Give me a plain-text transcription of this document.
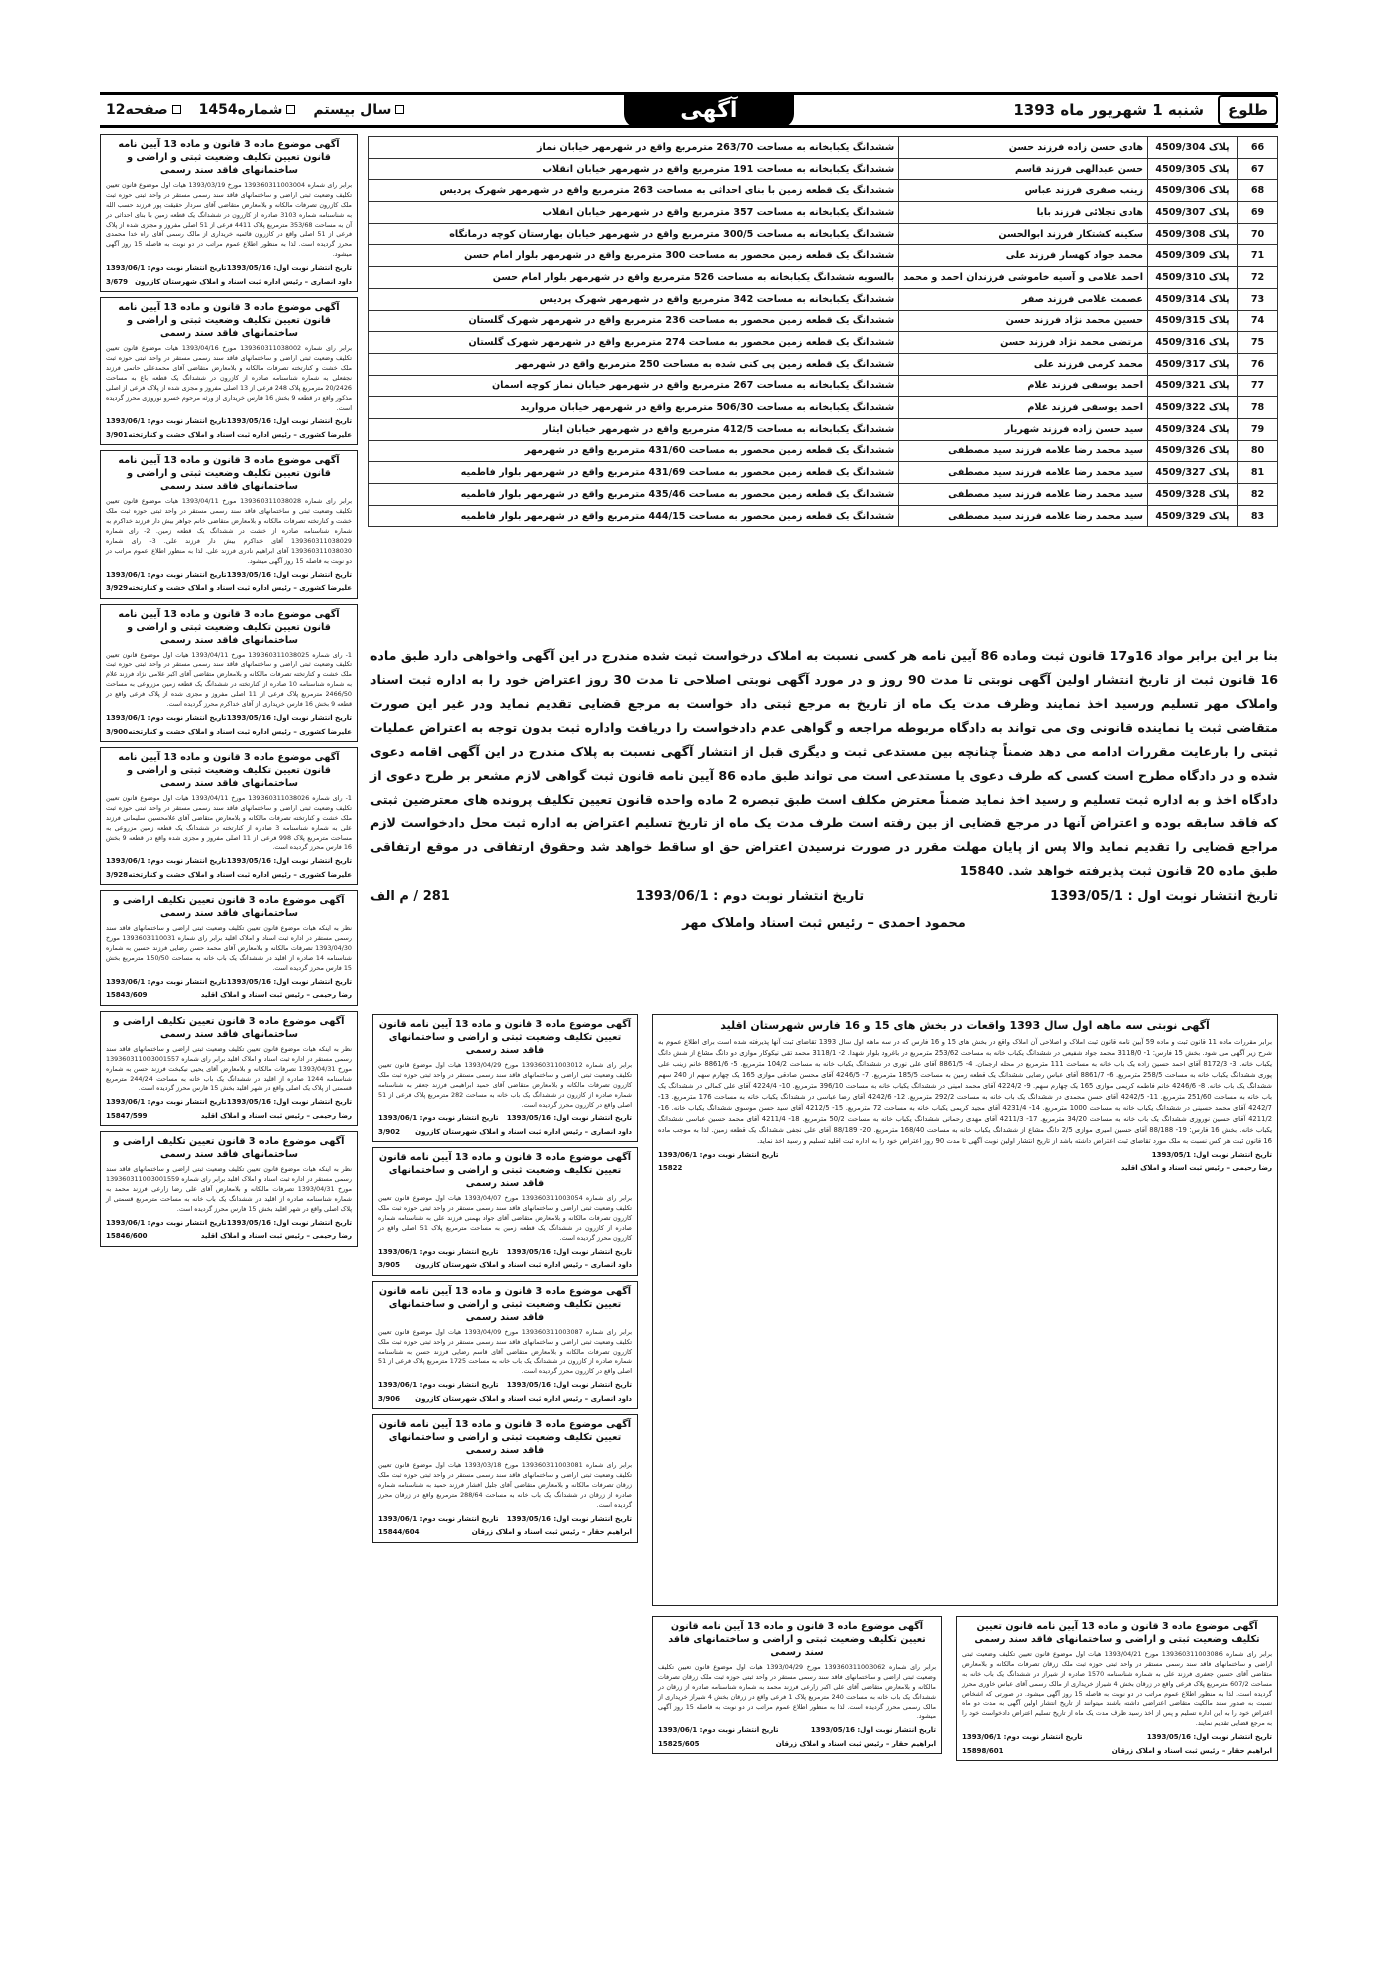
طلوع
شنبه 1 شهریور ماه 1393
آگهی
سال بیستم
شماره1454
صفحه12
66	پلاک 4509/304	هادی حسن زاده فرزند حسن	ششدانگ یکبابخانه به مساحت 263/70 مترمربع واقع در شهرمهر خیابان نماز
67	پلاک 4509/305	حسن عبدالهی فرزند قاسم	ششدانگ یکبابخانه به مساحت 191 مترمربع واقع در شهرمهر خیابان انقلاب
68	پلاک 4509/306	زینب صفری فرزند عباس	ششدانگ یک قطعه زمین با بنای احداثی به مساحت 263 مترمربع واقع در شهرمهر شهرک پردیس
69	پلاک 4509/307	هادی تجلائی فرزند بابا	ششدانگ یکبابخانه به مساحت 357 مترمربع واقع در شهرمهر خیابان انقلاب
70	پلاک 4509/308	سکینه کشتکار فرزند ابوالحسن	ششدانگ یکبابخانه به مساحت 300/5 مترمربع واقع در شهرمهر خیابان بهارستان کوچه درمانگاه
71	پلاک 4509/309	محمد جواد کهسار فرزند علی	ششدانگ یک قطعه زمین محصور به مساحت 300 مترمربع واقع در شهرمهر بلوار امام حسن
72	پلاک 4509/310	احمد غلامی و آسیه خاموشی فرزندان احمد و محمد	بالسویه ششدانگ یکبابخانه به مساحت 526 مترمربع واقع در شهرمهر بلوار امام حسن
73	پلاک 4509/314	عصمت غلامی فرزند صفر	ششدانگ یکبابخانه به مساحت 342 مترمربع واقع در شهرمهر شهرک پردیس
74	پلاک 4509/315	حسین محمد نژاد فرزند حسن	ششدانگ یک قطعه زمین محصور به مساحت 236 مترمربع واقع در شهرمهر شهرک گلستان
75	پلاک 4509/316	مرتضی محمد نژاد فرزند حسن	ششدانگ یک قطعه زمین محصور به مساحت 274 مترمربع واقع در شهرمهر شهرک گلستان
76	پلاک 4509/317	محمد کرمی فرزند علی	ششدانگ یک قطعه زمین پی کنی شده به مساحت 250 مترمربع واقع در شهرمهر
77	پلاک 4509/321	احمد یوسفی فرزند غلام	ششدانگ یکبابخانه به مساحت 267 مترمربع واقع در شهرمهر خیابان نماز کوچه اسمان
78	پلاک 4509/322	احمد یوسفی فرزند غلام	ششدانگ یکبابخانه به مساحت 506/30 مترمربع واقع در شهرمهر خیابان مروارید
79	پلاک 4509/324	سید حسن زاده فرزند شهریار	ششدانگ یکبابخانه به مساحت 412/5 مترمربع واقع در شهرمهر خیابان ایثار
80	پلاک 4509/326	سید محمد رضا علامه فرزند سید مصطفی	ششدانگ یک قطعه زمین محصور به مساحت 431/60 مترمربع واقع در شهرمهر
81	پلاک 4509/327	سید محمد رضا علامه فرزند سید مصطفی	ششدانگ یک قطعه زمین محصور به مساحت 431/69 مترمربع واقع در شهرمهر بلوار فاطمیه
82	پلاک 4509/328	سید محمد رضا علامه فرزند سید مصطفی	ششدانگ یک قطعه زمین محصور به مساحت 435/46 مترمربع واقع در شهرمهر بلوار فاطمیه
83	پلاک 4509/329	سید محمد رضا علامه فرزند سید مصطفی	ششدانگ یک قطعه زمین محصور به مساحت 444/15 مترمربع واقع در شهرمهر بلوار فاطمیه

بنا بر این برابر مواد 16و17 قانون ثبت وماده 86 آیین نامه هر کسی نسبت به املاک درخواست ثبت شده مندرج در این آگهی واخواهی دارد طبق ماده 16 قانون ثبت از تاریخ انتشار اولین آگهی نوبتی تا مدت 90 روز و در مورد آگهی نوبتی اصلاحی تا مدت 30 روز اعتراض خود را به اداره ثبت اسناد واملاک مهر تسلیم ورسید اخذ نمایند وظرف مدت یک ماه از تاریخ به مرجع ثبتی داد خواست به مرجع قضایی تقدیم نماید ودر غیر این صورت متقاضی ثبت یا نماینده قانونی وی می تواند به دادگاه مربوطه مراجعه و گواهی عدم دادخواست را دریافت واداره ثبت بدون توجه به اعتراض عملیات ثبتی را بارعایت مقررات ادامه می دهد ضمناً چنانچه بین مستدعی ثبت و دیگری قبل از انتشار آگهی نسبت به پلاک مندرج در این آگهی اقامه دعوی شده و در دادگاه مطرح است کسی که طرف دعوی یا مستدعی است می تواند طبق ماده 86 آیین نامه قانون ثبت گواهی لازم مشعر بر طرح دعوی از دادگاه اخذ و به اداره ثبت تسلیم و رسید اخذ نماید ضمناً معترض مکلف است طبق تبصره 2 ماده واحده قانون تعیین تکلیف پرونده های معترضین ثبتی که فاقد سابقه بوده و اعتراض آنها در مرجع قضایی از بین رفته است طرف مدت یک ماه از تاریخ تسلیم اعتراض به اداره ثبت محل دادخواست لازم مراجع قضایی را تقدیم نماید والا پس از پایان مهلت مقرر در صورت نرسیدن اعتراض حق او ساقط خواهد شد وحقوق ارتفاقی در موقع ارتفاقی طبق ماده 20 قانون ثبت پذیرفته خواهد شد. 15840

تاریخ انتشار نوبت اول : 1393/05/1
تاریخ انتشار نوبت دوم : 1393/06/1
281 / م الف
محمود احمدی – رئیس ثبت اسناد واملاک مهر
آگهی موضوع ماده 3 قانون و ماده 13 آیین نامه قانون تعیین تکلیف وضعیت ثبتی و اراضی و ساختمانهای فاقد سند رسمی
برابر رای شماره 139360311003004 مورخ 1393/03/19 هیات اول موضوع قانون تعیین تکلیف وضعیت ثبتی اراضی و ساختمانهای فاقد سند رسمی مستقر در واحد ثبتی حوزه ثبت ملک کازرون تصرفات مالکانه و بلامعارض متقاضی آقای سردار حقیقت پور فرزند حسب الله به شناسنامه شماره 3103 صادره از کازرون در ششدانگ یک قطعه زمین با بنای احداثی در آن به مساحت 353/68 مترمربع پلاک 4411 فرعی از 51 اصلی مفروز و مجزی شده از پلاک فرعی از 51 اصلی واقع در کازرون قائمیه خریداری از مالک رسمی آقای راه خدا محمدی محرز گردیده است. لذا به منظور اطلاع عموم مراتب در دو نوبت به فاصله 15 روز آگهی میشود.
تاریخ انتشار نوبت اول: 1393/05/16
تاریخ انتشار نوبت دوم: 1393/06/1
داود انصاری – رئیس اداره ثبت اسناد و املاک شهرستان کازرون
3/679
آگهی موضوع ماده 3 قانون و ماده 13 آیین نامه قانون تعیین تکلیف وضعیت ثبتی و اراضی و ساختمانهای فاقد سند رسمی
برابر رای شماره 139360311038002 مورخ 1393/04/16 هیات موضوع قانون تعیین تکلیف وضعیت ثبتی اراضی و ساختمانهای فاقد سند رسمی مستقر در واحد ثبتی حوزه ثبت ملک خشت و کنارتخته تصرفات مالکانه و بلامعارض متقاضی آقای محمدعلی حاتمی فرزند نجفعلی به شماره شناسنامه صادره از کازرون در ششدانگ یک قطعه باغ به مساحت 20/2426 مترمربع پلاک 248 فرعی از 13 اصلی مفروز و مجزی شده از پلاک فرعی از اصلی مذکور واقع در قطعه 9 بخش 16 فارس خریداری از ورثه مرحوم خسرو نوروزی محرز گردیده است.
تاریخ انتشار نوبت اول: 1393/05/16
تاریخ انتشار نوبت دوم: 1393/06/1
علیرضا کشوری – رئیس اداره ثبت اسناد و املاک خشت و کنارتخته
3/901
آگهی موضوع ماده 3 قانون و ماده 13 آیین نامه قانون تعیین تکلیف وضعیت ثبتی و اراضی و ساختمانهای فاقد سند رسمی
برابر رای شماره 139360311038028 مورخ 1393/04/11 هیات موضوع قانون تعیین تکلیف وضعیت ثبتی و ساختمانهای فاقد سند رسمی مستقر در واحد ثبتی حوزه ثبت ملک خشت و کنارتخته تصرفات مالکانه و بلامعارض متقاضی خانم جواهر بیش دار فرزند خداکرم به شماره شناسنامه صادره از خشت در ششدانگ یک قطعه زمین. 2- رای شماره 139360311038029 آقای خداکرم بیش دار فرزند علی. 3- رای شماره 139360311038030 آقای ابراهیم نادری فرزند علی. لذا به منظور اطلاع عموم مراتب در دو نوبت به فاصله 15 روز آگهی میشود.
تاریخ انتشار نوبت اول: 1393/05/16
تاریخ انتشار نوبت دوم: 1393/06/1
علیرضا کشوری – رئیس اداره ثبت اسناد و املاک خشت و کنارتخته
3/929
آگهی موضوع ماده 3 قانون و ماده 13 آیین نامه قانون تعیین تکلیف وضعیت ثبتی و اراضی و ساختمانهای فاقد سند رسمی
1- رای شماره 139360311038025 مورخ 1393/04/11 هیات اول موضوع قانون تعیین تکلیف وضعیت ثبتی اراضی و ساختمانهای فاقد سند رسمی مستقر در واحد ثبتی حوزه ثبت ملک خشت و کنارتخته تصرفات مالکانه و بلامعارض متقاضی آقای اکبر غلامی نژاد فرزند غلام به شماره شناسنامه 10 صادره از کنارتخته در ششدانگ یک قطعه زمین مزروعی به مساحت 2466/50 مترمربع پلاک فرعی از 11 اصلی مفروز و مجزی شده از پلاک فرعی واقع در قطعه 9 بخش 16 فارس خریداری از آقای خداکرم محرز گردیده است.
تاریخ انتشار نوبت اول: 1393/05/16
تاریخ انتشار نوبت دوم: 1393/06/1
علیرضا کشوری – رئیس اداره ثبت اسناد و املاک خشت و کنارتخته
3/900
آگهی موضوع ماده 3 قانون و ماده 13 آیین نامه قانون تعیین تکلیف وضعیت ثبتی و اراضی و ساختمانهای فاقد سند رسمی
1- رای شماره 139360311038026 مورخ 1393/04/11 هیات اول موضوع قانون تعیین تکلیف وضعیت ثبتی اراضی و ساختمانهای فاقد سند رسمی مستقر در واحد ثبتی حوزه ثبت ملک خشت و کنارتخته تصرفات مالکانه و بلامعارض متقاضی آقای غلامحسین سلیمانی فرزند علی به شماره شناسنامه 3 صادره از کنارتخته در ششدانگ یک قطعه زمین مزروعی به مساحت مترمربع پلاک 998 فرعی از 11 اصلی مفروز و مجزی شده واقع در قطعه 9 بخش 16 فارس محرز گردیده است.
تاریخ انتشار نوبت اول: 1393/05/16
تاریخ انتشار نوبت دوم: 1393/06/1
علیرضا کشوری – رئیس اداره ثبت اسناد و املاک خشت و کنارتخته
3/928
آگهی موضوع ماده 3 قانون تعیین تکلیف اراضی و ساختمانهای فاقد سند رسمی
نظر به اینکه هیات موضوع قانون تعیین تکلیف وضعیت ثبتی اراضی و ساختمانهای فاقد سند رسمی مستقر در اداره ثبت اسناد و املاک اقلید برابر رای شماره 1393603110031 مورخ 1393/04/30 تصرفات مالکانه و بلامعارض آقای محمد حسن رضایی فرزند حسین به شماره شناسنامه 14 صادره از اقلید در ششدانگ یک باب خانه به مساحت 150/50 مترمربع بخش 15 فارس محرز گردیده است.
تاریخ انتشار نوبت اول: 1393/05/16
تاریخ انتشار نوبت دوم: 1393/06/1
رضا رحیمی – رئیس ثبت اسناد و املاک اقلید
15843/609
آگهی موضوع ماده 3 قانون تعیین تکلیف اراضی و ساختمانهای فاقد سند رسمی
نظر به اینکه هیات موضوع قانون تعیین تکلیف وضعیت ثبتی اراضی و ساختمانهای فاقد سند رسمی مستقر در اداره ثبت اسناد و املاک اقلید برابر رای شماره 139360311003001557 مورخ 1393/04/31 تصرفات مالکانه و بلامعارض آقای یحیی نیکبخت فرزند حسن به شماره شناسنامه 1244 صادره از اقلید در ششدانگ یک باب خانه به مساحت 244/24 مترمربع قسمتی از پلاک یک اصلی واقع در شهر اقلید بخش 15 فارس محرز گردیده است.
تاریخ انتشار نوبت اول: 1393/05/16
تاریخ انتشار نوبت دوم: 1393/06/1
رضا رحیمی – رئیس ثبت اسناد و املاک اقلید
15847/599
آگهی موضوع ماده 3 قانون تعیین تکلیف اراضی و ساختمانهای فاقد سند رسمی
نظر به اینکه هیات موضوع قانون تعیین تکلیف وضعیت ثبتی اراضی و ساختمانهای فاقد سند رسمی مستقر در اداره ثبت اسناد و املاک اقلید برابر رای شماره 139360311003001559 مورخ 1393/04/31 تصرفات مالکانه و بلامعارض آقای علی رضا زارعی فرزند محمد به شماره شناسنامه صادره از اقلید در ششدانگ یک باب خانه به مساحت مترمربع قسمتی از پلاک اصلی واقع در شهر اقلید بخش 15 فارس محرز گردیده است.
تاریخ انتشار نوبت اول: 1393/05/16
تاریخ انتشار نوبت دوم: 1393/06/1
رضا رحیمی – رئیس ثبت اسناد و املاک اقلید
15846/600
آگهی موضوع ماده 3 قانون و ماده 13 آیین نامه قانون تعیین تکلیف وضعیت ثبتی و اراضی و ساختمانهای فاقد سند رسمی
برابر رای شماره 139360311003012 مورخ 1393/04/29 هیات اول موضوع قانون تعیین تکلیف وضعیت ثبتی اراضی و ساختمانهای فاقد سند رسمی مستقر در واحد ثبتی حوزه ثبت ملک کازرون تصرفات مالکانه و بلامعارض متقاضی آقای حمید ابراهیمی فرزند جعفر به شناسنامه شماره صادره از کازرون در ششدانگ یک باب خانه به مساحت 282 مترمربع پلاک فرعی از 51 اصلی واقع در کازرون محرز گردیده است.
تاریخ انتشار نوبت اول: 1393/05/16
تاریخ انتشار نوبت دوم: 1393/06/1
داود انصاری – رئیس اداره ثبت اسناد و املاک شهرستان کازرون
3/902
آگهی موضوع ماده 3 قانون و ماده 13 آیین نامه قانون تعیین تکلیف وضعیت ثبتی و اراضی و ساختمانهای فاقد سند رسمی
برابر رای شماره 139360311003054 مورخ 1393/04/07 هیات اول موضوع قانون تعیین تکلیف وضعیت ثبتی اراضی و ساختمانهای فاقد سند رسمی مستقر در واحد ثبتی حوزه ثبت ملک کازرون تصرفات مالکانه و بلامعارض متقاضی آقای جواد بهمنی فرزند علی به شناسنامه شماره صادره از کازرون در ششدانگ یک قطعه زمین به مساحت مترمربع پلاک 51 اصلی واقع در کازرون محرز گردیده است.
تاریخ انتشار نوبت اول: 1393/05/16
تاریخ انتشار نوبت دوم: 1393/06/1
داود انصاری – رئیس اداره ثبت اسناد و املاک شهرستان کازرون
3/905
آگهی موضوع ماده 3 قانون و ماده 13 آیین نامه قانون تعیین تکلیف وضعیت ثبتی و اراضی و ساختمانهای فاقد سند رسمی
برابر رای شماره 139360311003087 مورخ 1393/04/09 هیات اول موضوع قانون تعیین تکلیف وضعیت ثبتی اراضی و ساختمانهای فاقد سند رسمی مستقر در واحد ثبتی حوزه ثبت ملک کازرون تصرفات مالکانه و بلامعارض متقاضی آقای قاسم رضایی فرزند حسن به شناسنامه شماره صادره از کازرون در ششدانگ یک باب خانه به مساحت 1725 مترمربع پلاک فرعی از 51 اصلی واقع در کازرون محرز گردیده است.
تاریخ انتشار نوبت اول: 1393/05/16
تاریخ انتشار نوبت دوم: 1393/06/1
داود انصاری – رئیس اداره ثبت اسناد و املاک شهرستان کازرون
3/906
آگهی موضوع ماده 3 قانون و ماده 13 آیین نامه قانون تعیین تکلیف وضعیت ثبتی و اراضی و ساختمانهای فاقد سند رسمی
برابر رای شماره 139360311003081 مورخ 1393/03/18 هیات اول موضوع قانون تعیین تکلیف وضعیت ثبتی اراضی و ساختمانهای فاقد سند رسمی مستقر در واحد ثبتی حوزه ثبت ملک زرقان تصرفات مالکانه و بلامعارض متقاضی آقای جلیل افشار فرزند حمید به شناسنامه شماره صادره از زرقان در ششدانگ یک باب خانه به مساحت 288/64 مترمربع واقع در زرقان محرز گردیده است.
تاریخ انتشار نوبت اول: 1393/05/16
تاریخ انتشار نوبت دوم: 1393/06/1
ابراهیم حقار – رئیس ثبت اسناد و املاک زرقان
15844/604
آگهی نوبتی سه ماهه اول سال 1393 واقعات در بخش های 15 و 16 فارس شهرستان اقلید
برابر مقررات ماده 11 قانون ثبت و ماده 59 آیین نامه قانون ثبت املاک و اصلاحی آن املاک واقع در بخش های 15 و 16 فارس که در سه ماهه اول سال 1393 تقاضای ثبت آنها پذیرفته شده است برای اطلاع عموم به شرح زیر آگهی می شود. بخش 15 فارس: 1- 3118/0 محمد جواد شفیعی در ششدانگ یکباب خانه به مساحت 253/62 مترمربع در باغرود بلوار شهدا. 2- 3118/1 محمد تقی نیکوکار موازی دو دانگ مشاع از شش دانگ یکباب خانه. 3- 8172/3 آقای احمد حسین زاده یک باب خانه به مساحت 111 مترمربع در محله ارجمان. 4- 8861/5 آقای علی نوری در ششدانگ یکباب خانه به مساحت 104/2 مترمربع. 5- 8861/6 خانم زینب علی پوری ششدانگ یکباب خانه به مساحت 258/5 مترمربع. 6- 8861/7 آقای عباس رضایی ششدانگ یک قطعه زمین به مساحت 185/5 مترمربع. 7- 4246/5 آقای محسن صادقی موازی 165 یک چهارم سهم از 240 سهم ششدانگ یک باب خانه. 8- 4246/6 خانم فاطمه کریمی موازی 165 یک چهارم سهم. 9- 4224/2 آقای محمد امینی در ششدانگ یکباب خانه به مساحت 396/10 مترمربع. 10- 4224/4 آقای علی کمالی در ششدانگ یک باب خانه به مساحت 251/60 مترمربع. 11- 4242/5 آقای حسن محمدی در ششدانگ یک باب خانه به مساحت 292/2 مترمربع. 12- 4242/6 آقای رضا عباسی در ششدانگ یکباب خانه به مساحت 176 مترمربع. 13- 4242/7 آقای محمد حسینی در ششدانگ یکباب خانه به مساحت 1000 مترمربع. 14- 4231/4 آقای مجید کریمی یکباب خانه به مساحت 72 مترمربع. 15- 4212/5 آقای سید حسن موسوی ششدانگ یکباب خانه. 16- 4211/2 آقای حسین نوروزی ششدانگ یک باب خانه به مساحت 34/20 مترمربع. 17- 4211/3 آقای مهدی رحمانی ششدانگ یکباب خانه به مساحت 50/2 مترمربع. 18- 4211/4 آقای محمد حسین عباسی ششدانگ یکباب خانه. بخش 16 فارس: 19- 88/188 آقای حسین امیری موازی 2/5 دانگ مشاع از ششدانگ یکباب خانه به مساحت 168/40 مترمربع. 20- 88/189 آقای علی نجفی ششدانگ یک قطعه زمین. لذا به موجب ماده 16 قانون ثبت هر کس نسبت به ملک مورد تقاضای ثبت اعتراض داشته باشد از تاریخ انتشار اولین نوبت آگهی تا مدت 90 روز اعتراض خود را به اداره ثبت اقلید تسلیم و رسید اخذ نماید.
تاریخ انتشار نوبت اول: 1393/05/1
تاریخ انتشار نوبت دوم: 1393/06/1
رضا رحیمی – رئیس ثبت اسناد و املاک اقلید
15822
آگهی موضوع ماده 3 قانون و ماده 13 آیین نامه قانون تعیین تکلیف وضعیت ثبتی و اراضی و ساختمانهای فاقد سند رسمی
برابر رای شماره 139360311003062 مورخ 1393/04/29 هیات اول موضوع قانون تعیین تکلیف وضعیت ثبتی اراضی و ساختمانهای فاقد سند رسمی مستقر در واحد ثبتی حوزه ثبت ملک زرقان تصرفات مالکانه و بلامعارض متقاضی آقای علی اکبر زارعی فرزند محمد به شماره شناسنامه صادره از زرقان در ششدانگ یک باب خانه به مساحت 240 مترمربع پلاک 1 فرعی واقع در زرقان بخش 4 شیراز خریداری از مالک رسمی محرز گردیده است. لذا به منظور اطلاع عموم مراتب در دو نوبت به فاصله 15 روز آگهی میشود.
تاریخ انتشار نوبت اول: 1393/05/16
تاریخ انتشار نوبت دوم: 1393/06/1
ابراهیم حقار – رئیس ثبت اسناد و املاک زرقان
15825/605
آگهی موضوع ماده 3 قانون و ماده 13 آیین نامه قانون تعیین تکلیف وضعیت ثبتی و اراضی و ساختمانهای فاقد سند رسمی
برابر رای شماره 139360311003086 مورخ 1393/04/21 هیات اول موضوع قانون تعیین تکلیف وضعیت ثبتی اراضی و ساختمانهای فاقد سند رسمی مستقر در واحد ثبتی حوزه ثبت ملک زرقان تصرفات مالکانه و بلامعارض متقاضی آقای حسین جعفری فرزند علی به شماره شناسنامه 1570 صادره از شیراز در ششدانگ یک باب خانه به مساحت 607/2 مترمربع پلاک فرعی واقع در زرقان بخش 4 شیراز خریداری از مالک رسمی آقای عباس خاوری محرز گردیده است. لذا به منظور اطلاع عموم مراتب در دو نوبت به فاصله 15 روز آگهی میشود. در صورتی که اشخاص نسبت به صدور سند مالکیت متقاضی اعتراضی داشته باشند میتوانند از تاریخ انتشار اولین آگهی به مدت دو ماه اعتراض خود را به این اداره تسلیم و پس از اخذ رسید ظرف مدت یک ماه از تاریخ تسلیم اعتراض دادخواست خود را به مرجع قضایی تقدیم نمایند.
تاریخ انتشار نوبت اول: 1393/05/16
تاریخ انتشار نوبت دوم: 1393/06/1
ابراهیم حقار – رئیس ثبت اسناد و املاک زرقان
15898/601
